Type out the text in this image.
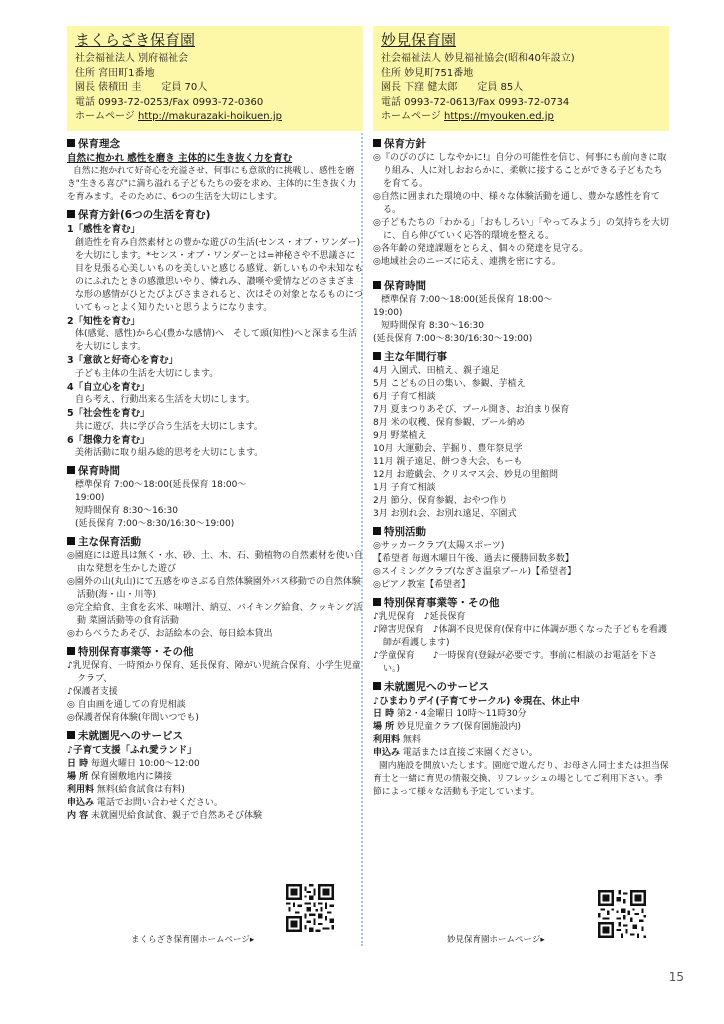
まくらざき保育園
社会福祉法人 別府福祉会
住所 宮田町1番地
園長 俵積田 圭　　定員 70人
電話 0993-72-0253/Fax 0993-72-0360
ホームページ http://makurazaki-hoikuen.jp
保育理念
自然に抱かれ 感性を磨き 主体的に生き抜く力を育む
自然に抱かれて好奇心を充溢させ、何事にも意欲的に挑戦し、感性を磨き"生きる喜び"に満ち溢れる子どもたちの姿を求め、主体的に生き抜く力を育みます。そのために、6つの生活を大切にします。
保育方針(6つの生活を育む)
1「感性を育む」
創造性を育み自然素材との豊かな遊びの生活(センス・オブ・ワンダー)を大切にします。*センス・オブ・ワンダーとは=神秘さや不思議さに目を見張る心美しいものを美しいと感じる感覚、新しいものや未知なものにふれたときの感激思いやり、憐れみ、讃嘆や愛情などのさまざまな形の感情がひとたびよびさまされると、次はその対象となるものについてもっとよく知りたいと思うようになります。
2「知性を育む」
体(感覚、感性)から心(豊かな感情)へ　そして頭(知性)へと深まる生活を大切にします。
3「意欲と好奇心を育む」
子ども主体の生活を大切にします。
4「自立心を育む」
自ら考え、行動出来る生活を大切にします。
5「社会性を育む」
共に遊び、共に学び合う生活を大切にします。
6「想像力を育む」
美術活動に取り組み総的思考を大切にします。
保育時間
標準保育 7:00～18:00(延長保育 18:00～
19:00)
短時間保育 8:30～16:30
(延長保育 7:00～8:30/16:30～19:00)
主な保育活動
◎園庭には遊具は無く・水、砂、土、木、石、動植物の自然素材を使い自由な発想を生かした遊び
◎園外の山(丸山)にて五感をゆさぶる自然体験園外バス移動での自然体験活動(海・山・川等)
◎完全給食、主食を玄米、味噌汁、納豆、バイキング給食、クッキング活動 菜園活動等の食育活動
◎わらべうたあそび、お話絵本の会、毎日絵本貸出
特別保育事業等・その他
♪乳児保育、一時預かり保育、延長保育、障がい児統合保育、小学生児童クラブ、
♪保護者支援
◎ 自由画を通しての育児相談
◎保護者保育体験(年間いつでも)
未就園児へのサービス
♪子育て支援「ふれ愛ランド」
日 時 毎週火曜日 10:00～12:00
場 所 保育園敷地内に隣接
利用料 無料(給食試食は有料)
申込み 電話でお問い合わせください。
内 容 未就園児給食試食、親子で自然あそび体験
妙見保育園
社会福祉法人 妙見福祉協会(昭和40年設立)
住所 妙見町751番地
園長 下窪 健太郎　　定員 85人
電話 0993-72-0613/Fax 0993-72-0734
ホームページ https://myouken.ed.jp
保育方針
◎『のびのびに しなやかに!』自分の可能性を信じ、何事にも前向きに取り組み、人に対しおおらかに、柔軟に接することができる子どもたちを育てる。
◎自然に囲まれた環境の中、様々な体験活動を通し、豊かな感性を育てる。
◎子どもたちの「わかる」「おもしろい」「やってみよう」の気持ちを大切に、自ら伸びていく応答的環境を整える。
◎各年齢の発達課題をとらえ、個々の発達を見守る。
◎地域社会のニーズに応え、連携を密にする。
保育時間
標準保育 7:00～18:00(延長保育 18:00～
19:00)
短時間保育 8:30～16:30
(延長保育 7:00～8:30/16:30～19:00)
主な年間行事
4月 入園式、田植え、親子遠足
5月 こどもの日の集い、参観、芋植え
6月 子育て相談
7月 夏まつりあそび、プール開き、お泊まり保育
8月 米の収穫、保育参観、プール納め
9月 野菜植え
10月 大運動会、芋掘り、豊年祭見学
11月 親子遠足、餅つき大会、もーも
12月 お遊戯会、クリスマス会、妙見の里館問
1月 子育て相談
2月 節分、保育参観、おやつ作り
3月 お別れ会、お別れ遠足、卒園式
特別活動
◎サッカークラブ(太陽スポーツ)
【希望者 毎週木曜日午後、過去に優勝回数多数】
◎スイミングクラブ(なぎさ温泉プール)【希望者】
◎ピアノ教室【希望者】
特別保育事業等・その他
♪乳児保育　♪延長保育
♪障害児保育　♪体調不良児保育(保育中に体調が悪くなった子どもを看護師が看護します)
♪学童保育　　♪一時保育(登録が必要です。事前に相談のお電話を下さい。)
未就園児へのサービス
♪ひまわりデイ(子育てサークル) ※現在、休止中
日 時 第2・4金曜日 10時～11時30分
場 所 妙見児童クラブ(保育園施設内)
利用料 無料
申込み 電話または直接ご来園ください。
園内施設を開放いたします。園庭で遊んだり、お母さん同士または担当保育士と一緒に育児の情報交換、リフレッシュの場としてご利用下さい。季節によって様々な活動も予定しています。
まくらざき保育園ホームページ▸	妙見保育園ホームページ▸
15
